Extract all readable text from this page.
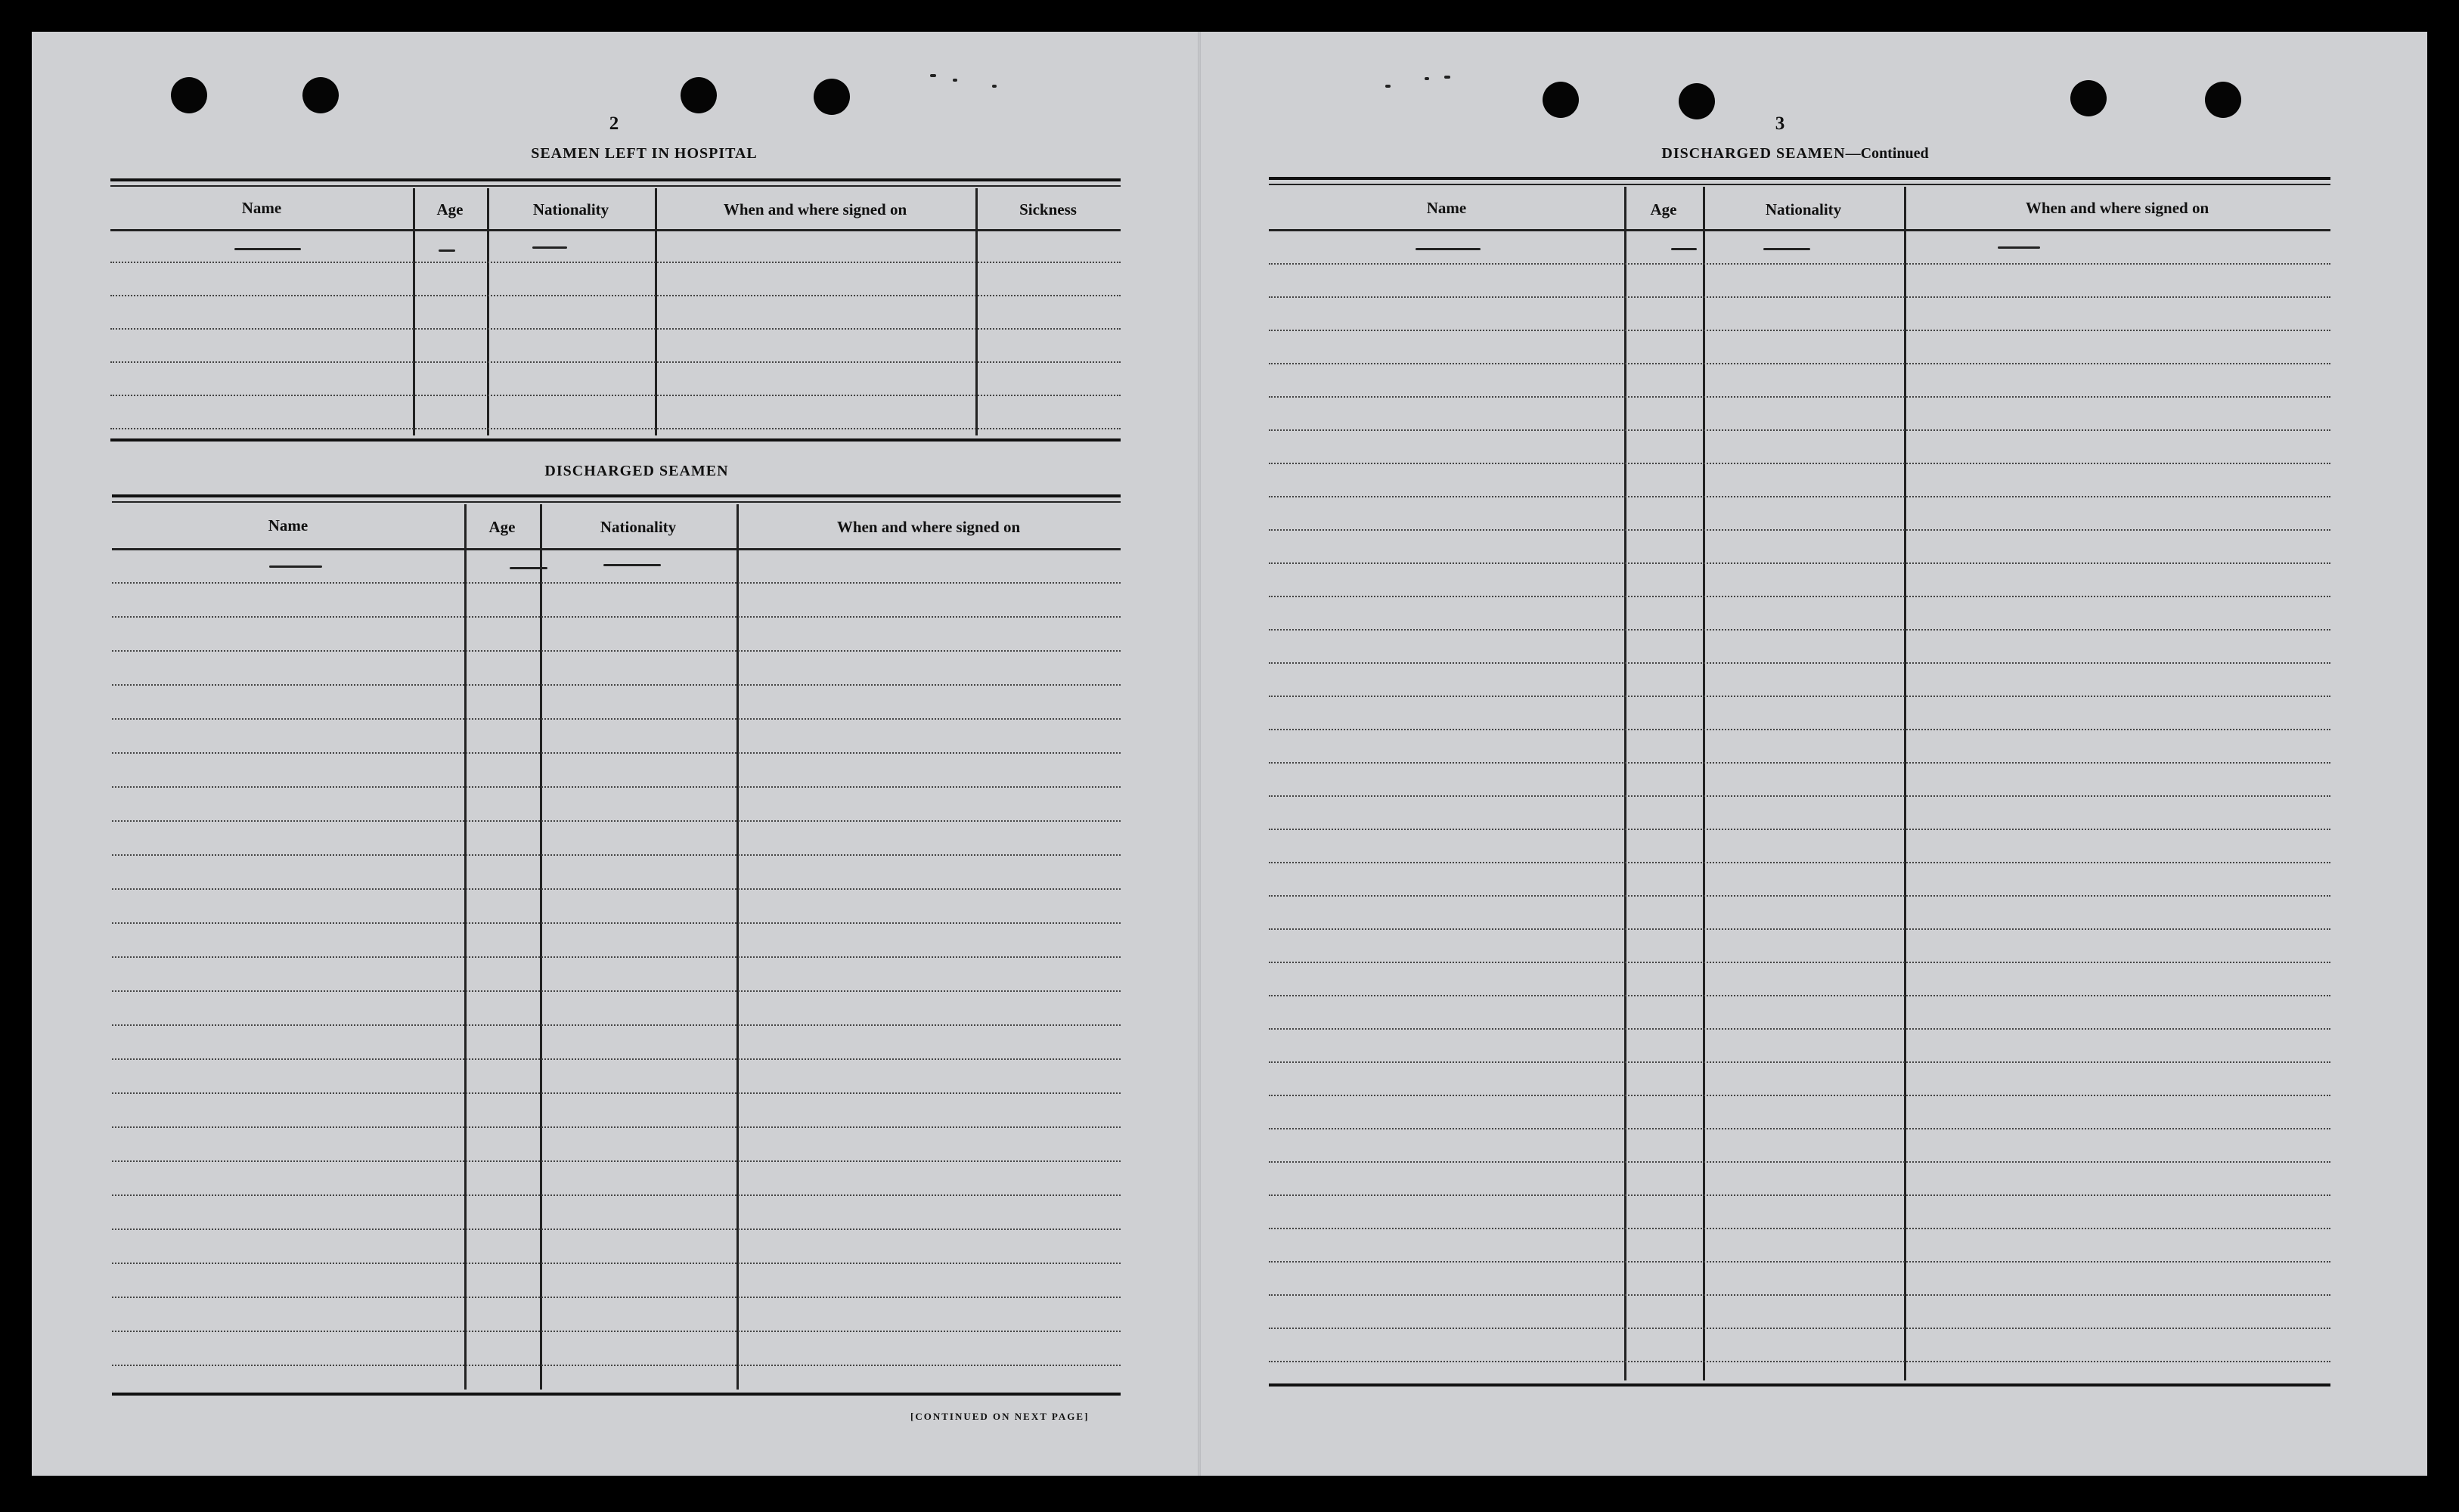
2
SEAMEN LEFT IN HOSPITAL
Name	Age	Nationality	When and where signed on	Sickness
DISCHARGED SEAMEN
Name	Age	Nationality	When and where signed on
[CONTINUED ON NEXT PAGE]
3
DISCHARGED SEAMEN—Continued
Name	Age	Nationality	When and where signed on
